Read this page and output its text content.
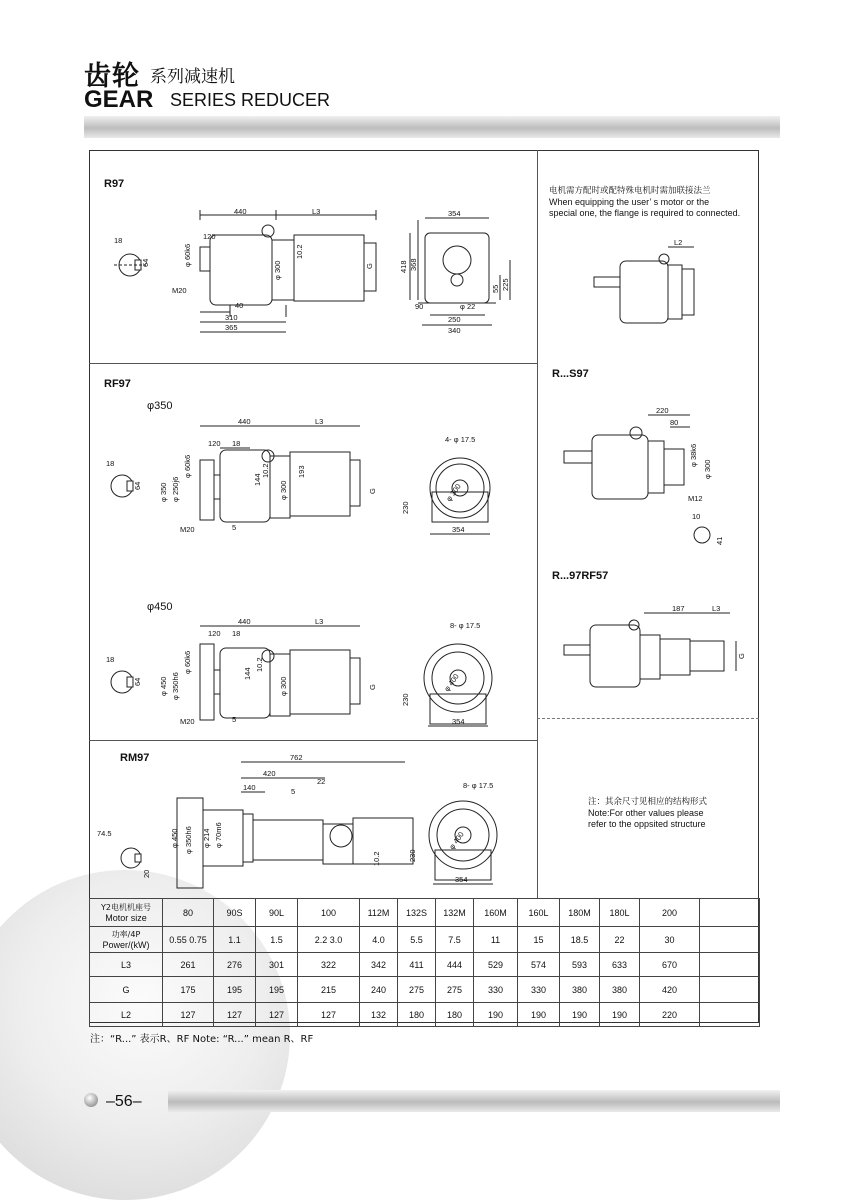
齿轮 系列减速机
GEAR SERIES REDUCER
R97
RF97
φ350
φ450
RM97
R...S97
R...97RF57
电机需方配时或配特殊电机时需加联接法兰
When equipping the user’ s motor or the
special one, the flange is required to connected.
注：其余尺寸见相应的结构形式
Note:For other values please
refer to the oppsited structure
18
64
M20
440	L3
120
φ 60k6
φ 300
10.2
G
40
310
365
354
418 368
55 225
90	φ 22
250
340
18
64
440	L3
120 18
φ 350 φ 250j6
φ 60k6
144
10.2
φ 300
193
G
M20	5
4- φ 17.5
230
φ 300
354
18
64
440	L3
120 18
φ 450 φ 350h6
φ 60k6	144
10.2
φ 300	G
M20	5
8- φ 17.5
230
φ 400
354
74.5
20
762
420
140	5
22
φ 450 φ 350h6 φ 214 φ 70m6
10.2
8- φ 17.5
230
φ 400
354
L2
220
80
φ 38k6
φ 300
M12
10
41
187	L3
G
Y2电机机座号
Motor size	80	90S	90L	100	112M	132S	132M	160M	160L	180M	180L	200	

功率/4P
Power/(kW)	0.55 0.75	1.1	1.5	2.2 3.0	4.0	5.5	7.5	11	15	18.5	22	30	
L3	261	276	301	322	342	411	444	529	574	593	633	670	
G	175	195	195	215	240	275	275	330	330	380	380	420	
L2	127	127	127	127	132	180	180	190	190	190	190	220	
注：“R...” 表示R、RF Note: “R...” mean R、RF
–56–
